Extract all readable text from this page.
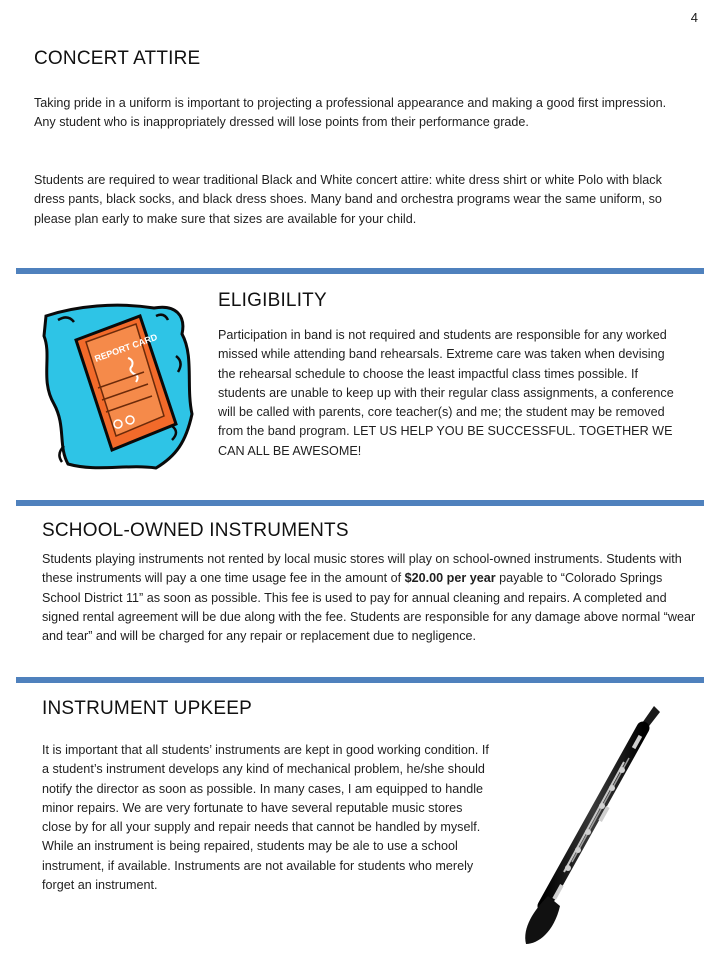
4
CONCERT ATTIRE

Taking pride in a uniform is important to projecting a professional appearance and making a good first impression. Any student who is inappropriately dressed will lose points from their performance grade.

Students are required to wear traditional Black and White concert attire: white dress shirt or white Polo with black dress pants, black socks, and black dress shoes. Many band and orchestra programs wear the same uniform, so please plan early to make sure that sizes are available for your child.

REPORT CARD
ELIGIBILITY

Participation in band is not required and students are responsible for any worked missed while attending band rehearsals. Extreme care was taken when devising the rehearsal schedule to choose the least impactful class times possible. If students are unable to keep up with their regular class assignments, a conference will be called with parents, core teacher(s) and me; the student may be removed from the band program. LET US HELP YOU BE SUCCESSFUL. TOGETHER WE CAN ALL BE AWESOME!

SCHOOL-OWNED INSTRUMENTS

Students playing instruments not rented by local music stores will play on school-owned instruments. Students with these instruments will pay a one time usage fee in the amount of $20.00 per year payable to “Colorado Springs School District 11” as soon as possible. This fee is used to pay for annual cleaning and repairs. A completed and signed rental agreement will be due along with the fee. Students are responsible for any damage above normal “wear and tear” and will be charged for any repair or replacement due to negligence.

INSTRUMENT UPKEEP

It is important that all students’ instruments are kept in good working condition. If a student’s instrument develops any kind of mechanical problem, he/she should notify the director as soon as possible. In many cases, I am equipped to handle minor repairs. We are very fortunate to have several reputable music stores close by for all your supply and repair needs that cannot be handled by myself. While an instrument is being repaired, students may be ale to use a school instrument, if available. Instruments are not available for students who merely forget an instrument.
